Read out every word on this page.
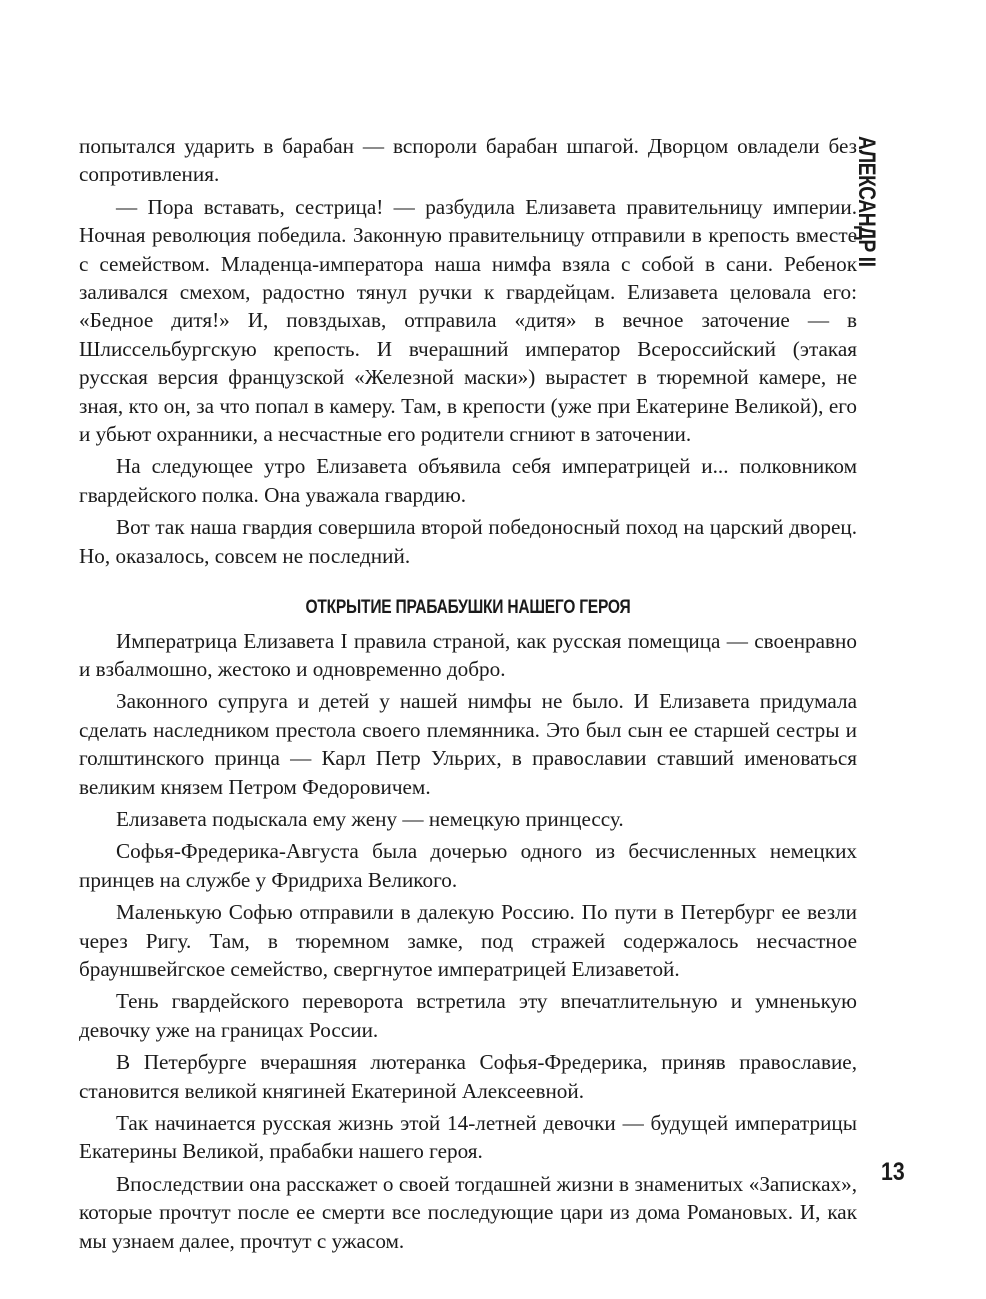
АЛЕКСАНДР II

попытался ударить в барабан — вспороли барабан шпагой. Дворцом овладели без сопротивления.

— Пора вставать, сестрица! — разбудила Елизавета правительницу империи. Ночная революция победила. Законную правительницу отправили в крепость вместе с семейством. Младенца-императора наша нимфа взяла с собой в сани. Ребенок заливался смехом, радостно тянул ручки к гвардейцам. Елизавета целовала его: «Бедное дитя!» И, повздыхав, отправила «дитя» в вечное заточение — в Шлиссельбургскую крепость. И вчерашний император Всероссийский (этакая русская версия французской «Железной маски») вырастет в тюремной камере, не зная, кто он, за что попал в камеру. Там, в крепости (уже при Екатерине Великой), его и убьют охранники, а несчастные его родители сгниют в заточении.

На следующее утро Елизавета объявила себя императрицей и... полковником гвардейского полка. Она уважала гвардию.

Вот так наша гвардия совершила второй победоносный поход на царский дворец. Но, оказалось, совсем не последний.

ОТКРЫТИЕ ПРАБАБУШКИ НАШЕГО ГЕРОЯ

Императрица Елизавета I правила страной, как русская помещица — своенравно и взбалмошно, жестоко и одновременно добро.

Законного супруга и детей у нашей нимфы не было. И Елизавета придумала сделать наследником престола своего племянника. Это был сын ее старшей сестры и голштинского принца — Карл Петр Ульрих, в православии ставший именоваться великим князем Петром Федоровичем.

Елизавета подыскала ему жену — немецкую принцессу.

Софья-Фредерика-Августа была дочерью одного из бесчисленных немецких принцев на службе у Фридриха Великого.

Маленькую Софью отправили в далекую Россию. По пути в Петербург ее везли через Ригу. Там, в тюремном замке, под стражей содержалось несчастное брауншвейгское семейство, свергнутое императрицей Елизаветой.

Тень гвардейского переворота встретила эту впечатлительную и умненькую девочку уже на границах России.

В Петербурге вчерашняя лютеранка Софья-Фредерика, приняв православие, становится великой княгиней Екатериной Алексеевной.

Так начинается русская жизнь этой 14-летней девочки — будущей императрицы Екатерины Великой, прабабки нашего героя.

Впоследствии она расскажет о своей тогдашней жизни в знаменитых «Записках», которые прочтут после ее смерти все последующие цари из дома Романовых. И, как мы узнаем далее, прочтут с ужасом.

13
